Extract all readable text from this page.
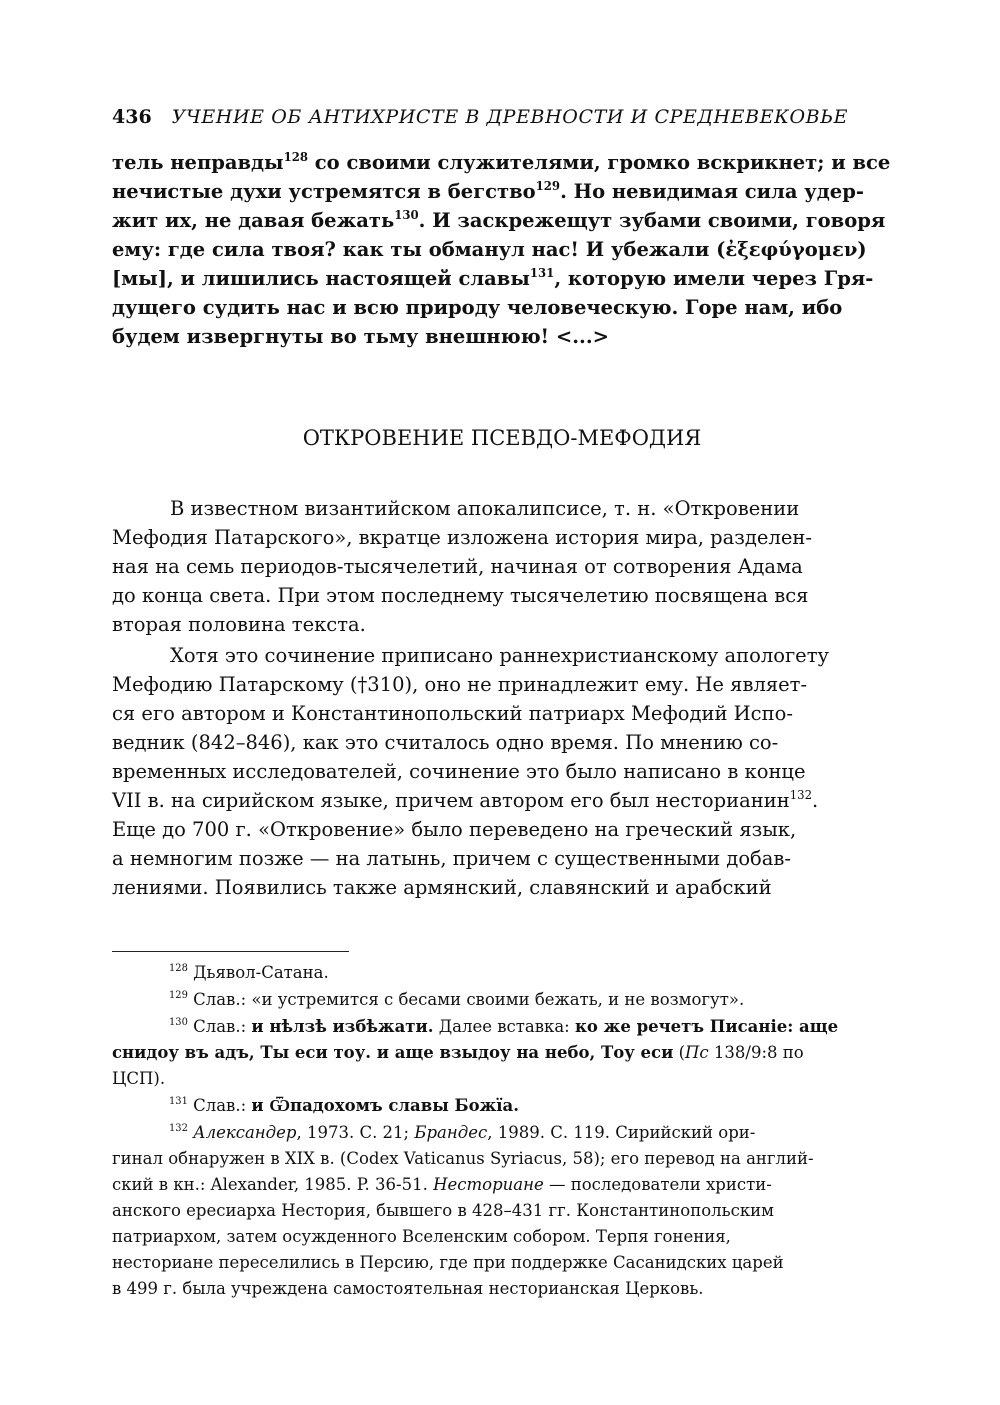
436 УЧЕНИЕ ОБ АНТИХРИСТЕ В ДРЕВНОСТИ И СРЕДНЕВЕКОВЬЕ
тель неправды$^{128}$ со своими служителями, громко вскрикнет; и все
нечистые духи устремятся в бегство$^{129}$. Но невидимая сила удер-
жит их, не давая бежать$^{130}$. И заскрежещут зубами своими, говоря
ему: где сила твоя? как ты обманул нас! И убежали (ἐξεφύγομεν)
[мы], и лишились настоящей славы$^{131}$, которую имели через Гря-
дущего судить нас и всю природу человеческую. Горе нам, ибо
будем извергнуты во тьму внешнюю! <...>
ОТКРОВЕНИЕ ПСЕВДО-МЕФОДИЯ
В известном византийском апокалипсисе, т. н. «Откровении
Мефодия Патарского», вкратце изложена история мира, разделен-
ная на семь периодов-тысячелетий, начиная от сотворения Адама
до конца света. При этом последнему тысячелетию посвящена вся
вторая половина текста.
Хотя это сочинение приписано раннехристианскому апологету
Мефодию Патарскому (†310), оно не принадлежит ему. Не являет-
ся его автором и Константинопольский патриарх Мефодий Испо-
ведник (842–846), как это считалось одно время. По мнению со-
временных исследователей, сочинение это было написано в конце
VII в. на сирийском языке, причем автором его был несторианин$^{132}$.
Еще до 700 г. «Откровение» было переведено на греческий язык,
а немногим позже — на латынь, причем с существенными добав-
лениями. Появились также армянский, славянский и арабский
$^{128}$ Дьявол-Сатана.
$^{129}$ Слав.: «и устремится с бесами своими бежать, и не возмогут».
$^{130}$ Слав.: и нѣлзѣ избѣжати. Далее вставка: ко же речетъ Писаніе: аще
снидоу въ адъ, Ты еси тоу. и аще взыдоу на небо, Тоу еси (Пс 138/9:8 по
ЦСП).
$^{131}$ Слав.: и Ѿпадохомъ славы Божїа.
$^{132}$ Александер, 1973. С. 21; Брандес, 1989. С. 119. Сирийский ори-
гинал обнаружен в XIX в. (Codex Vaticanus Syriacus, 58); его перевод на англий-
ский в кн.: Alexander, 1985. P. 36-51. Несториане — последователи христи-
анского ересиарха Нестория, бывшего в 428–431 гг. Константинопольским
патриархом, затем осужденного Вселенским собором. Терпя гонения,
несториане переселились в Персию, где при поддержке Сасанидских царей
в 499 г. была учреждена самостоятельная несторианская Церковь.
